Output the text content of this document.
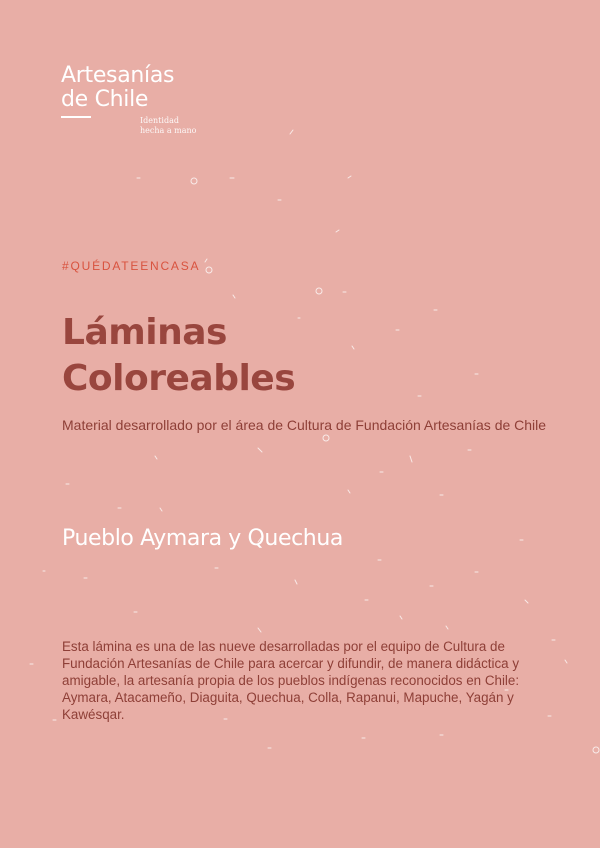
Artesanías
de Chile
Identidad
hecha a mano
#QUÉDATEENCASA
Láminas
Coloreables
Material desarrollado por el área de Cultura de Fundación Artesanías de Chile
Pueblo Aymara y Quechua
Esta lámina es una de las nueve desarrolladas por el equipo de Cultura de Fundación Artesanías de Chile para acercar y difundir, de manera didáctica y amigable, la artesanía propia de los pueblos indígenas reconocidos en Chile: Aymara, Atacameño, Diaguita, Quechua, Colla, Rapanui, Mapuche, Yagán y Kawésqar.
